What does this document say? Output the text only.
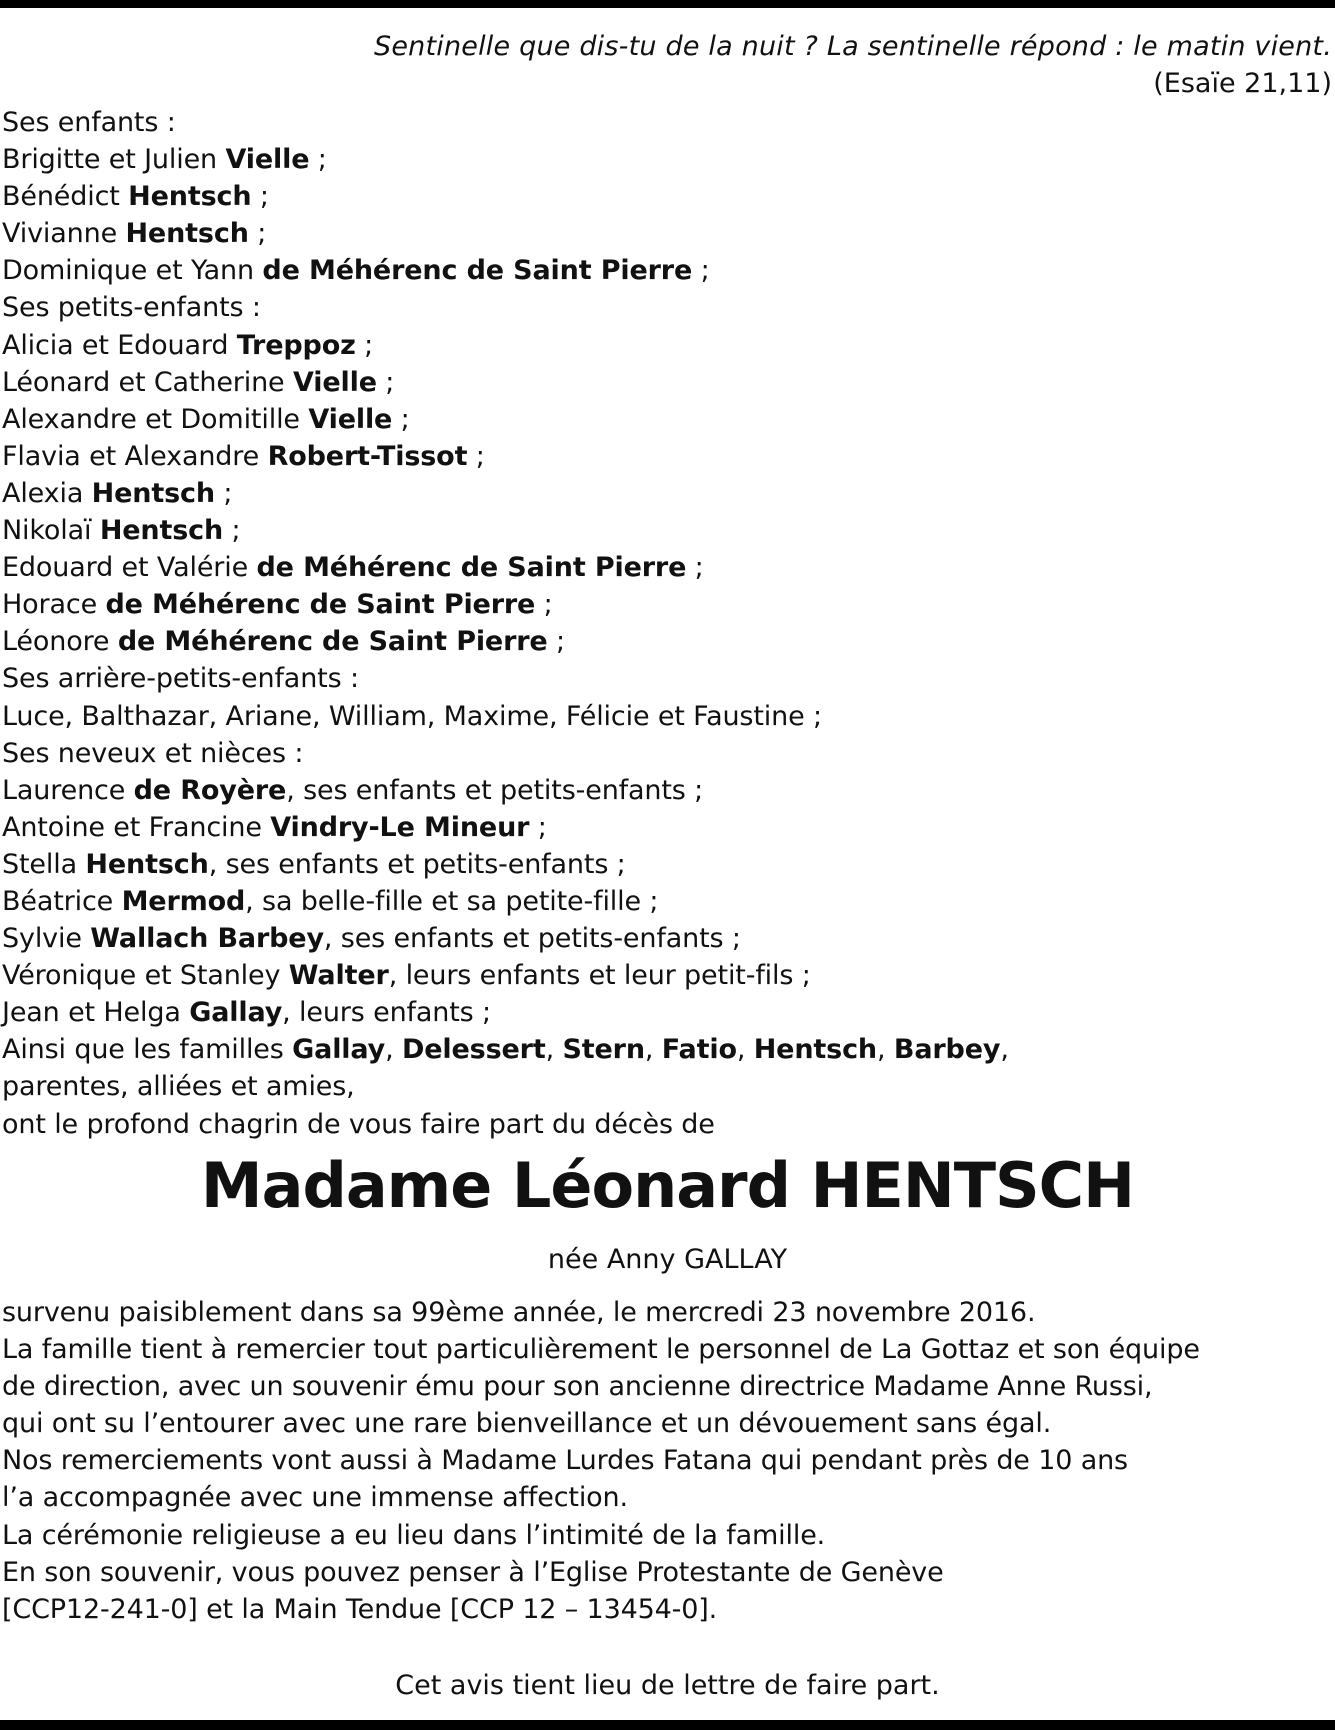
Sentinelle que dis-tu de la nuit ? La sentinelle répond : le matin vient.
(Esaïe 21,11)
Ses enfants :
Brigitte et Julien Vielle ;
Bénédict Hentsch ;
Vivianne Hentsch ;
Dominique et Yann de Méhérenc de Saint Pierre ;
Ses petits-enfants :
Alicia et Edouard Treppoz ;
Léonard et Catherine Vielle ;
Alexandre et Domitille Vielle ;
Flavia et Alexandre Robert-Tissot ;
Alexia Hentsch ;
Nikolaï Hentsch ;
Edouard et Valérie de Méhérenc de Saint Pierre ;
Horace de Méhérenc de Saint Pierre ;
Léonore de Méhérenc de Saint Pierre ;
Ses arrière-petits-enfants :
Luce, Balthazar, Ariane, William, Maxime, Félicie et Faustine ;
Ses neveux et nièces :
Laurence de Royère, ses enfants et petits-enfants ;
Antoine et Francine Vindry-Le Mineur ;
Stella Hentsch, ses enfants et petits-enfants ;
Béatrice Mermod, sa belle-fille et sa petite-fille ;
Sylvie Wallach Barbey, ses enfants et petits-enfants ;
Véronique et Stanley Walter, leurs enfants et leur petit-fils ;
Jean et Helga Gallay, leurs enfants ;
Ainsi que les familles Gallay, Delessert, Stern, Fatio, Hentsch, Barbey,
parentes, alliées et amies,
ont le profond chagrin de vous faire part du décès de
Madame Léonard HENTSCH
née Anny GALLAY
survenu paisiblement dans sa 99ème année, le mercredi 23 novembre 2016.
La famille tient à remercier tout particulièrement le personnel de La Gottaz et son équipe
de direction, avec un souvenir ému pour son ancienne directrice Madame Anne Russi,
qui ont su l’entourer avec une rare bienveillance et un dévouement sans égal.
Nos remerciements vont aussi à Madame Lurdes Fatana qui pendant près de 10 ans
l’a accompagnée avec une immense affection.
La cérémonie religieuse a eu lieu dans l’intimité de la famille.
En son souvenir, vous pouvez penser à l’Eglise Protestante de Genève
[CCP12-241-0] et la Main Tendue [CCP 12 – 13454-0].
Cet avis tient lieu de lettre de faire part.
